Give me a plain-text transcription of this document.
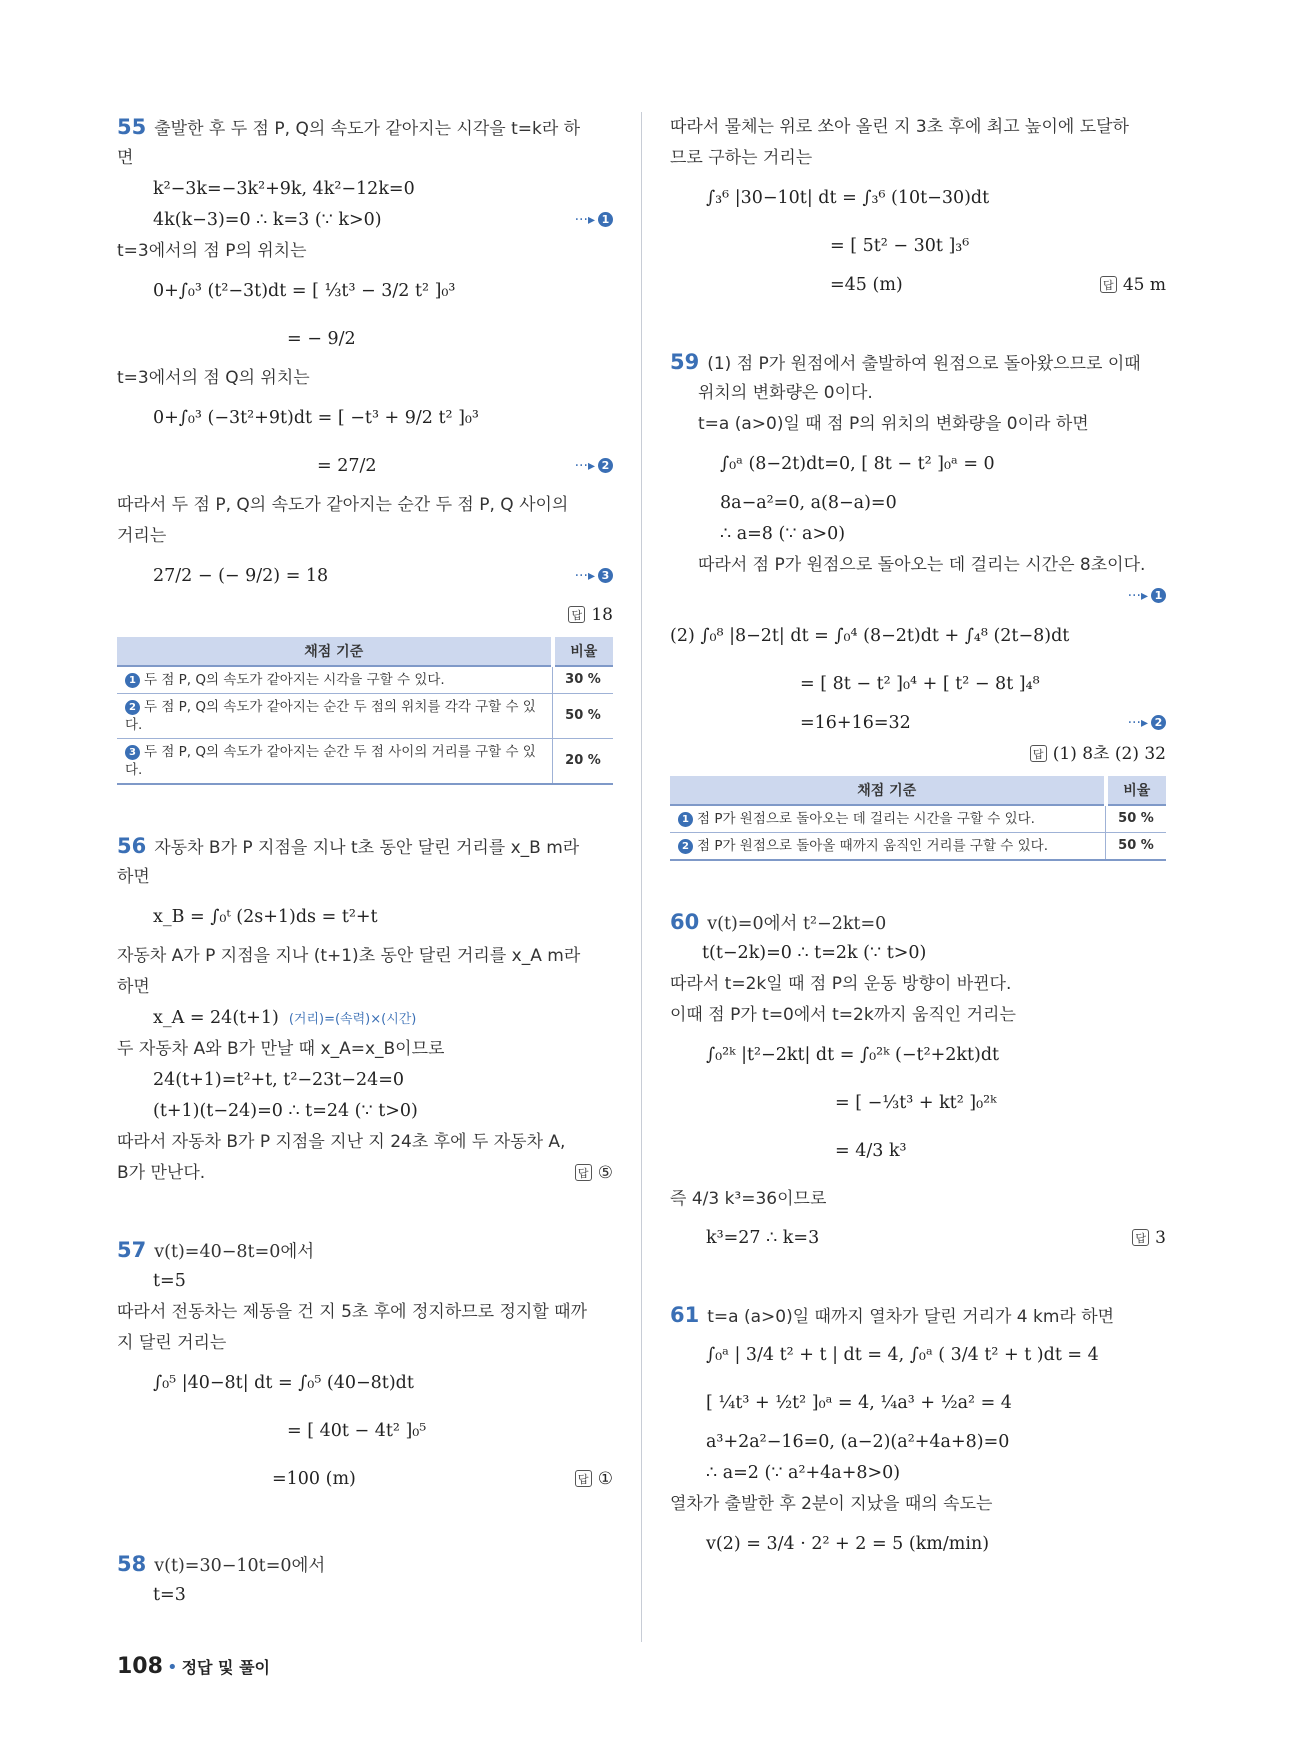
55 출발한 후 두 점 P, Q의 속도가 같아지는 시각을 t=k라 하
면
k²−3k=−3k²+9k, 4k²−12k=0
4k(k−3)=0 ∴ k=3 (∵ k>0)	···▸ 1
t=3에서의 점 P의 위치는
0+∫₀³ (t²−3t)dt = [ ⅓t³ − 3/2 t² ]₀³
= − 9/2
t=3에서의 점 Q의 위치는
0+∫₀³ (−3t²+9t)dt = [ −t³ + 9/2 t² ]₀³
= 27/2	···▸ 2
따라서 두 점 P, Q의 속도가 같아지는 순간 두 점 P, Q 사이의
거리는
27/2 − (− 9/2) = 18	···▸ 3
답 18
채점 기준	비율
1 두 점 P, Q의 속도가 같아지는 시각을 구할 수 있다.	30 %
2 두 점 P, Q의 속도가 같아지는 순간 두 점의 위치를 각각 구할 수 있다.	50 %
3 두 점 P, Q의 속도가 같아지는 순간 두 점 사이의 거리를 구할 수 있다.	20 %
56 자동차 B가 P 지점을 지나 t초 동안 달린 거리를 x_B m라
하면
x_B = ∫₀ᵗ (2s+1)ds = t²+t
자동차 A가 P 지점을 지나 (t+1)초 동안 달린 거리를 x_A m라
하면
x_A = 24(t+1) (거리)=(속력)×(시간)
두 자동차 A와 B가 만날 때 x_A=x_B이므로
24(t+1)=t²+t, t²−23t−24=0
(t+1)(t−24)=0 ∴ t=24 (∵ t>0)
따라서 자동차 B가 P 지점을 지난 지 24초 후에 두 자동차 A,
B가 만난다.	답 ⑤
57 v(t)=40−8t=0에서
t=5
따라서 전동차는 제동을 건 지 5초 후에 정지하므로 정지할 때까
지 달린 거리는
∫₀⁵ |40−8t| dt = ∫₀⁵ (40−8t)dt
= [ 40t − 4t² ]₀⁵
=100 (m)	답 ①
58 v(t)=30−10t=0에서
t=3
따라서 물체는 위로 쏘아 올린 지 3초 후에 최고 높이에 도달하
므로 구하는 거리는
∫₃⁶ |30−10t| dt = ∫₃⁶ (10t−30)dt
= [ 5t² − 30t ]₃⁶
=45 (m)	답 45 m
59 (1) 점 P가 원점에서 출발하여 원점으로 돌아왔으므로 이때
위치의 변화량은 0이다.
t=a (a>0)일 때 점 P의 위치의 변화량을 0이라 하면
∫₀ᵃ (8−2t)dt=0, [ 8t − t² ]₀ᵃ = 0
8a−a²=0, a(8−a)=0
∴ a=8 (∵ a>0)
따라서 점 P가 원점으로 돌아오는 데 걸리는 시간은 8초이다.
···▸ 1
(2) ∫₀⁸ |8−2t| dt = ∫₀⁴ (8−2t)dt + ∫₄⁸ (2t−8)dt
= [ 8t − t² ]₀⁴ + [ t² − 8t ]₄⁸
=16+16=32	···▸ 2
답 (1) 8초 (2) 32
채점 기준	비율
1 점 P가 원점으로 돌아오는 데 걸리는 시간을 구할 수 있다.	50 %
2 점 P가 원점으로 돌아올 때까지 움직인 거리를 구할 수 있다.	50 %
60 v(t)=0에서 t²−2kt=0
t(t−2k)=0 ∴ t=2k (∵ t>0)
따라서 t=2k일 때 점 P의 운동 방향이 바뀐다.
이때 점 P가 t=0에서 t=2k까지 움직인 거리는
∫₀²ᵏ |t²−2kt| dt = ∫₀²ᵏ (−t²+2kt)dt
= [ −⅓t³ + kt² ]₀²ᵏ
= 4/3 k³
즉 4/3 k³=36이므로
k³=27 ∴ k=3	답 3
61 t=a (a>0)일 때까지 열차가 달린 거리가 4 km라 하면
∫₀ᵃ | 3/4 t² + t | dt = 4, ∫₀ᵃ ( 3/4 t² + t )dt = 4
[ ¼t³ + ½t² ]₀ᵃ = 4, ¼a³ + ½a² = 4
a³+2a²−16=0, (a−2)(a²+4a+8)=0
∴ a=2 (∵ a²+4a+8>0)
열차가 출발한 후 2분이 지났을 때의 속도는
v(2) = 3/4 · 2² + 2 = 5 (km/min)
108 • 정답 및 풀이
